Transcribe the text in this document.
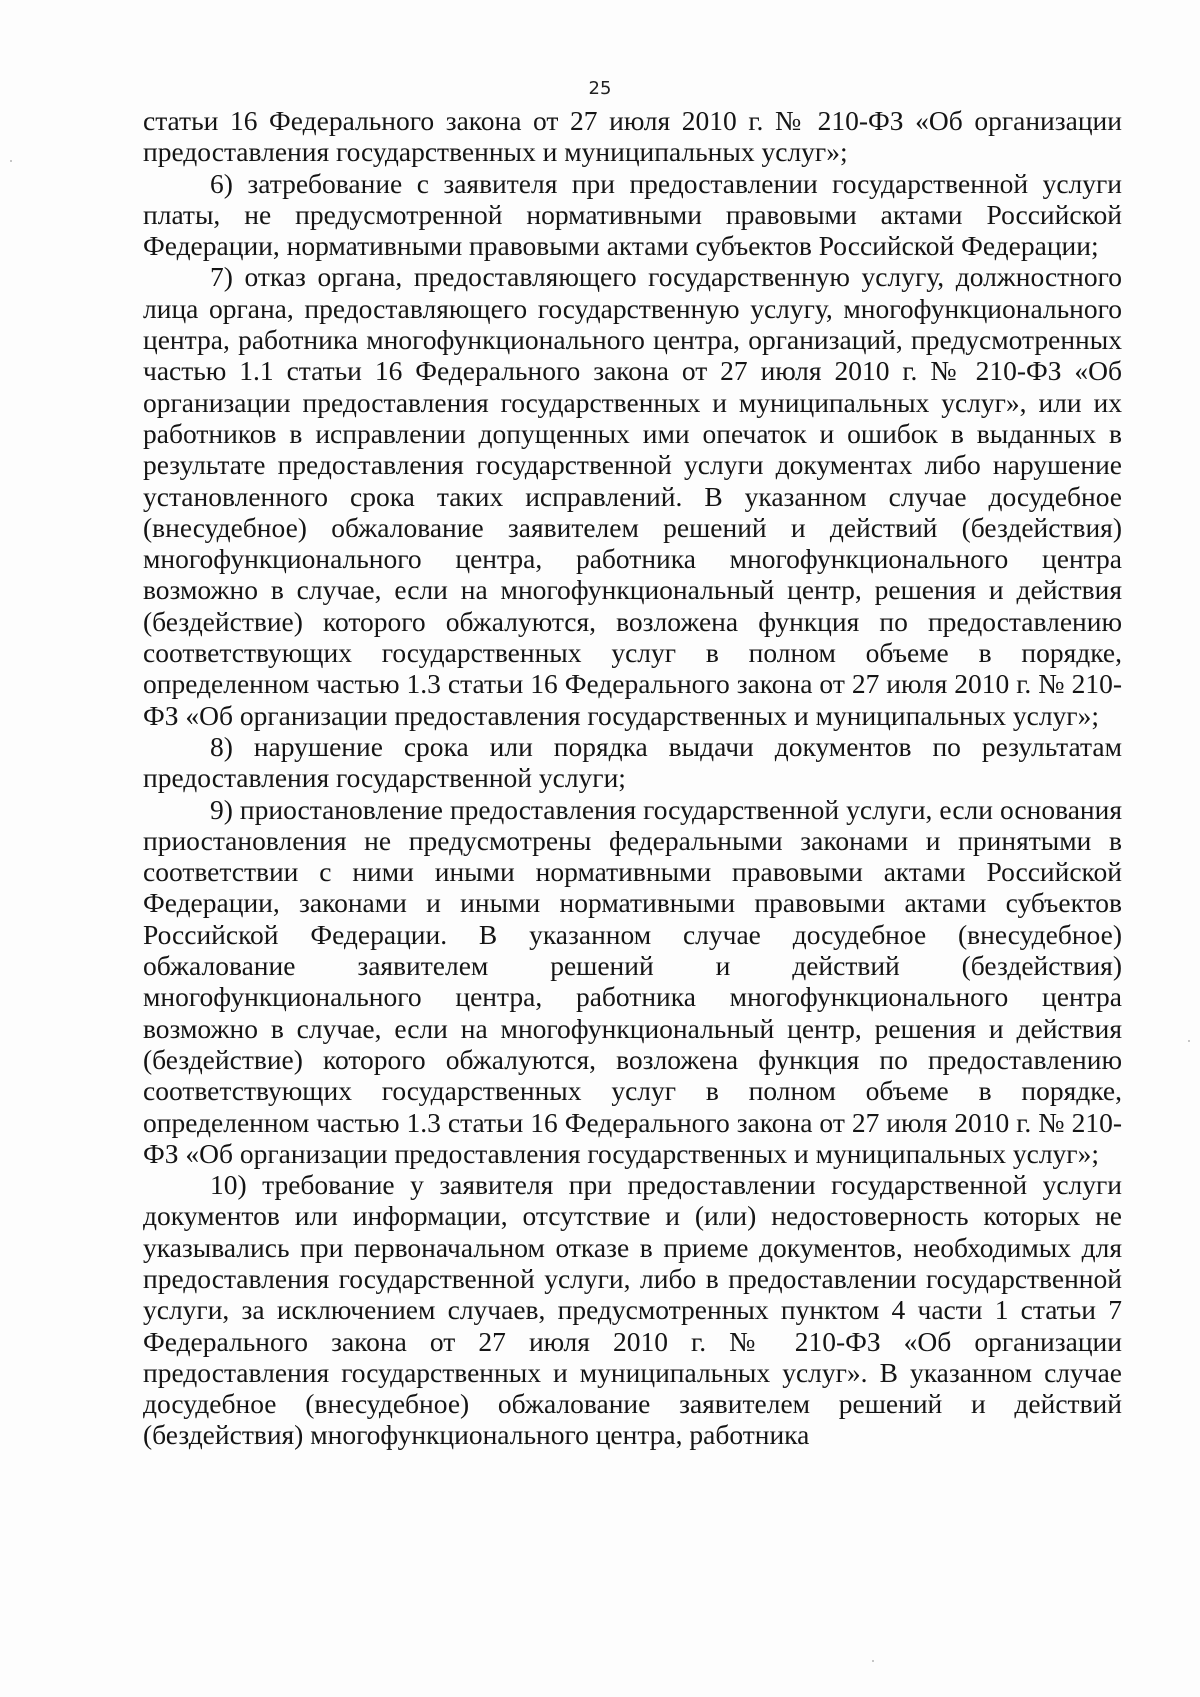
25

статьи 16 Федерального закона от 27 июля 2010 г. № 210-ФЗ «Об организации предоставления государственных и муниципальных услуг»;

6) затребование с заявителя при предоставлении государственной услуги платы, не предусмотренной нормативными правовыми актами Российской Федерации, нормативными правовыми актами субъектов Российской Федерации;

7) отказ органа, предоставляющего государственную услугу, должностного лица органа, предоставляющего государственную услугу, многофункционального центра, работника многофункционального центра, организаций, предусмотренных частью 1.1 статьи 16 Федерального закона от 27 июля 2010 г. № 210-ФЗ «Об организации предоставления государственных и муниципальных услуг», или их работников в исправлении допущенных ими опечаток и ошибок в выданных в результате предоставления государственной услуги документах либо нарушение установленного срока таких исправлений. В указанном случае досудебное (внесудебное) обжалование заявителем решений и действий (бездействия) многофункционального центра, работника многофункционального центра возможно в случае, если на многофункциональный центр, решения и действия (бездействие) которого обжалуются, возложена функция по предоставлению соответствующих государственных услуг в полном объеме в порядке, определенном частью 1.3 статьи 16 Федерального закона от 27 июля 2010 г. № 210-ФЗ «Об организации предоставления государственных и муниципальных услуг»;

8) нарушение срока или порядка выдачи документов по результатам предоставления государственной услуги;

9) приостановление предоставления государственной услуги, если основания приостановления не предусмотрены федеральными законами и принятыми в соответствии с ними иными нормативными правовыми актами Российской Федерации, законами и иными нормативными правовыми актами субъектов Российской Федерации. В указанном случае досудебное (внесудебное) обжалование заявителем решений и действий (бездействия) многофункционального центра, работника многофункционального центра возможно в случае, если на многофункциональный центр, решения и действия (бездействие) которого обжалуются, возложена функция по предоставлению соответствующих государственных услуг в полном объеме в порядке, определенном частью 1.3 статьи 16 Федерального закона от 27 июля 2010 г. № 210-ФЗ «Об организации предоставления государственных и муниципальных услуг»;

10) требование у заявителя при предоставлении государственной услуги документов или информации, отсутствие и (или) недостоверность которых не указывались при первоначальном отказе в приеме документов, необходимых для предоставления государственной услуги, либо в предоставлении государственной услуги, за исключением случаев, предусмотренных пунктом 4 части 1 статьи 7 Федерального закона от 27 июля 2010 г. № 210-ФЗ «Об организации предоставления государственных и муниципальных услуг». В указанном случае досудебное (внесудебное) обжалование заявителем решений и действий (бездействия) многофункционального центра, работника
